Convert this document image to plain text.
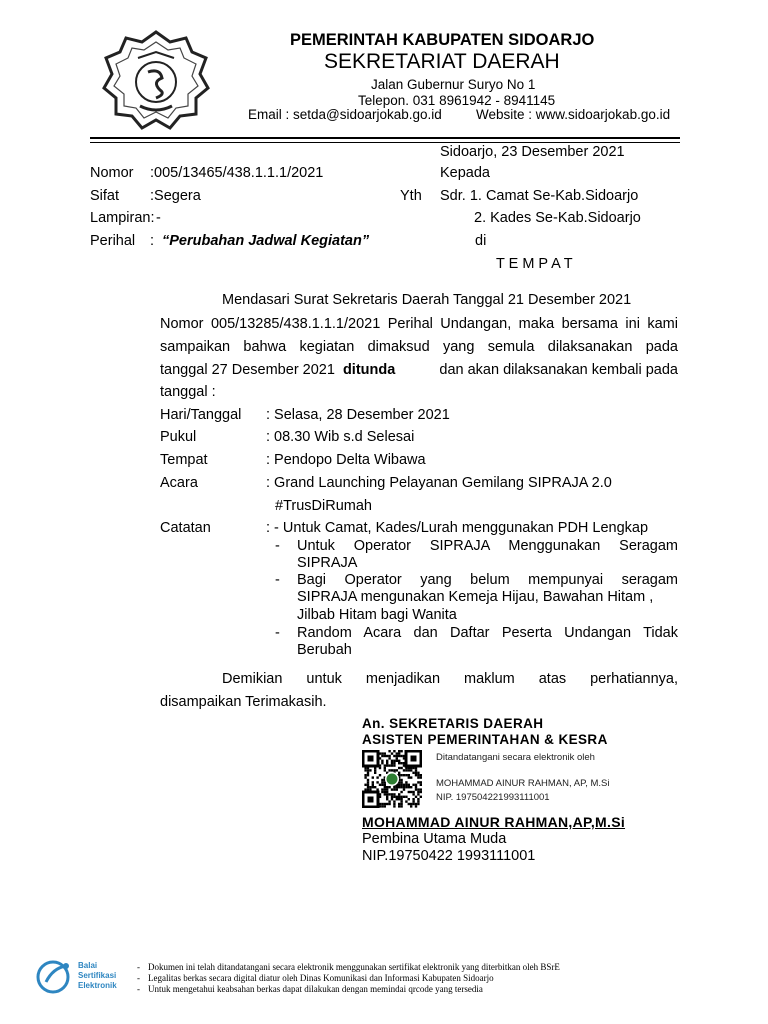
PEMERINTAH KABUPATEN SIDOARJO
SEKRETARIAT DAERAH
Jalan Gubernur Suryo No 1
Telepon. 031 8961942 - 8941145
Email : setda@sidoarjokab.go.id	Website : www.sidoarjokab.go.id
Sidoarjo, 23 Desember 2021
Kepada
Nomor :005/13465/438.1.1.1/2021
Sifat :Segera	Yth Sdr. 1. Camat Se-Kab.Sidoarjo
Lampiran: -	2. Kades Se-Kab.Sidoarjo
Perihal : “Perubahan Jadwal Kegiatan”	di
T E M P A T
Mendasari Surat Sekretaris Daerah Tanggal 21 Desember 2021
Nomor 005/13285/438.1.1.1/2021 Perihal Undangan, maka bersama ini kami
sampaikan bahwa kegiatan dimaksud yang semula dilaksanakan pada
tanggal 27 Desember 2021 ditunda	dan akan dilaksanakan kembali pada
tanggal :
Hari/Tanggal : Selasa, 28 Desember 2021
Pukul	: 08.30 Wib s.d Selesai
Tempat	: Pendopo Delta Wibawa
Acara	: Grand Launching Pelayanan Gemilang SIPRAJA 2.0
#TrusDiRumah
Catatan	: - Untuk Camat, Kades/Lurah menggunakan PDH Lengkap
- Untuk Operator SIPRAJA Menggunakan Seragam
SIPRAJA
- Bagi Operator yang belum mempunyai seragam
SIPRAJA mengunakan Kemeja Hijau, Bawahan Hitam ,
Jilbab Hitam bagi Wanita
- Random Acara dan Daftar Peserta Undangan Tidak
Berubah
Demikian untuk menjadikan maklum atas perhatiannya,
disampaikan Terimakasih.
An. SEKRETARIS DAERAH
ASISTEN PEMERINTAHAN & KESRA
Ditandatangani secara elektronik oleh
MOHAMMAD AINUR RAHMAN, AP, M.Si
NIP. 197504221993111001
MOHAMMAD AINUR RAHMAN,AP,M.Si
Pembina Utama Muda
NIP.19750422 1993111001
Balai
Sertifikasi
Elektronik
- Dokumen ini telah ditandatangani secara elektronik menggunakan sertifikat elektronik yang diterbitkan oleh BSrE
- Legalitas berkas secara digital diatur oleh Dinas Komunikasi dan Informasi Kabupaten Sidoarjo
- Untuk mengetahui keabsahan berkas dapat dilakukan dengan memindai qrcode yang tersedia
